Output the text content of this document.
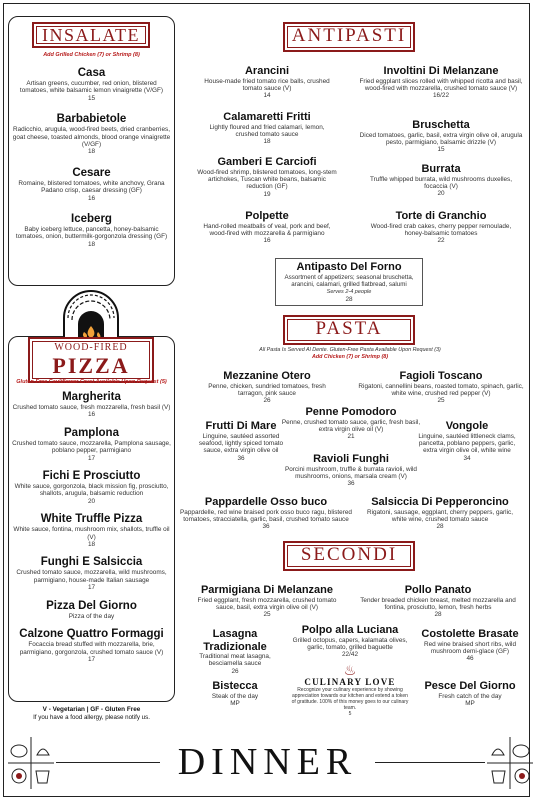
INSALATE
Add Grilled Chicken (7) or Shrimp (8)
Casa
Artisan greens, cucumber, red onion, blistered tomatoes, white balsamic lemon vinaigrette (V/GF)
15
Barbabietole
Radicchio, arugula, wood-fired beets, dried cranberries, goat cheese, toasted almonds, blood orange vinaigrette (V/GF)
18
Cesare
Romaine, blistered tomatoes, white anchovy, Grana Padano crisp, caesar dressing (GF)
16
Iceberg
Baby iceberg lettuce, pancetta, honey-balsamic tomatoes, onion, buttermilk-gorgonzola dressing (GF)
18
WOOD-FIRED
PIZZA
Gluten-Free Cauliflower Crust Available Upon Request (5)
Margherita
Crushed tomato sauce, fresh mozzarella, fresh basil (V)
16
Pamplona
Crushed tomato sauce, mozzarella, Pamplona sausage, poblano pepper, parmigiano
17
Fichi E Prosciutto
White sauce, gorgonzola, black mission fig, prosciutto, shallots, arugula, balsamic reduction
20
White Truffle Pizza
White sauce, fontina, mushroom mix, shallots, truffle oil (V)
18
Funghi E Salsiccia
Crushed tomato sauce, mozzarella, wild mushrooms, parmigiano, house-made Italian sausage
17
Pizza Del Giorno
Pizza of the day
Calzone Quattro Formaggi
Focaccia bread stuffed with mozzarella, brie, parmigiano, gorgonzola, crushed tomato sauce (V)
17
V - Vegetarian | GF - Gluten Free
If you have a food allergy, please notify us.
ANTIPASTI
Arancini
House-made fried tomato rice balls, crushed tomato sauce (V)
14
Involtini Di Melanzane
Fried eggplant slices rolled with whipped ricotta and basil, wood-fired with mozzarella, crushed tomato sauce (V)
16/22
Calamaretti Fritti
Lightly floured and fried calamari, lemon, crushed tomato sauce
18
Bruschetta
Diced tomatoes, garlic, basil, extra virgin olive oil, arugula pesto, parmigiano, balsamic drizzle (V)
15
Gamberi E Carciofi
Wood-fired shrimp, blistered tomatoes, long-stem artichokes, Tuscan white beans, balsamic reduction (GF)
19
Burrata
Truffle whipped burrata, wild mushrooms duxelles, focaccia (V)
20
Polpette
Hand-rolled meatballs of veal, pork and beef, wood-fired with mozzarella & parmigiano
16
Torte di Granchio
Wood-fired crab cakes, cherry pepper remoulade, honey-balsamic tomatoes
22
Antipasto Del Forno
Assortment of appetizers; seasonal bruschetta, arancini, calamari, grilled flatbread, salumi
Serves 2-4 people
28
PASTA
All Pasta Is Served Al Dente. Gluten-Free Pasta Available Upon Request (3)
Add Chicken (7) or Shrimp (8)
Mezzanine Otero
Penne, chicken, sundried tomatoes, fresh tarragon, pink sauce
26
Fagioli Toscano
Rigatoni, cannellini beans, roasted tomato, spinach, garlic, white wine, crushed red pepper (V)
25
Penne Pomodoro
Penne, crushed tomato sauce, garlic, fresh basil, extra virgin olive oil (V)
21
Frutti Di Mare
Linguine, sautéed assorted seafood, lightly spiced tomato sauce, extra virgin olive oil
36
Vongole
Linguine, sautéed littleneck clams, pancetta, poblano peppers, garlic, extra virgin olive oil, white wine
34
Ravioli Funghi
Porcini mushroom, truffle & burrata ravioli, wild mushrooms, onions, marsala cream (V)
36
Pappardelle Osso buco
Pappardelle, red wine braised pork osso buco ragu, blistered tomatoes, stracciatella, garlic, basil, crushed tomato sauce
36
Salsiccia Di Pepperoncino
Rigatoni, sausage, eggplant, cherry peppers, garlic, white wine, crushed tomato sauce
28
SECONDI
Parmigiana Di Melanzane
Fried eggplant, fresh mozzarella, crushed tomato sauce, basil, extra virgin olive oil (V)
25
Pollo Panato
Tender breaded chicken breast, melted mozzarella and fontina, prosciutto, lemon, fresh herbs
28
Lasagna Tradizionale
Traditional meat lasagna, besciamella sauce
26
Polpo alla Luciana
Grilled octopus, capers, kalamata olives, garlic, tomato, grilled baguette
22/42
Costolette Brasate
Red wine braised short ribs, wild mushroom demi-glace (GF)
46
Bistecca
Steak of the day
MP
Pesce Del Giorno
Fresh catch of the day
MP
♨
CULINARY LOVE
Recognize your culinary experience by showing appreciation towards our kitchen and extend a token of gratitude. 100% of this money goes to our culinary team.
5
DINNER
